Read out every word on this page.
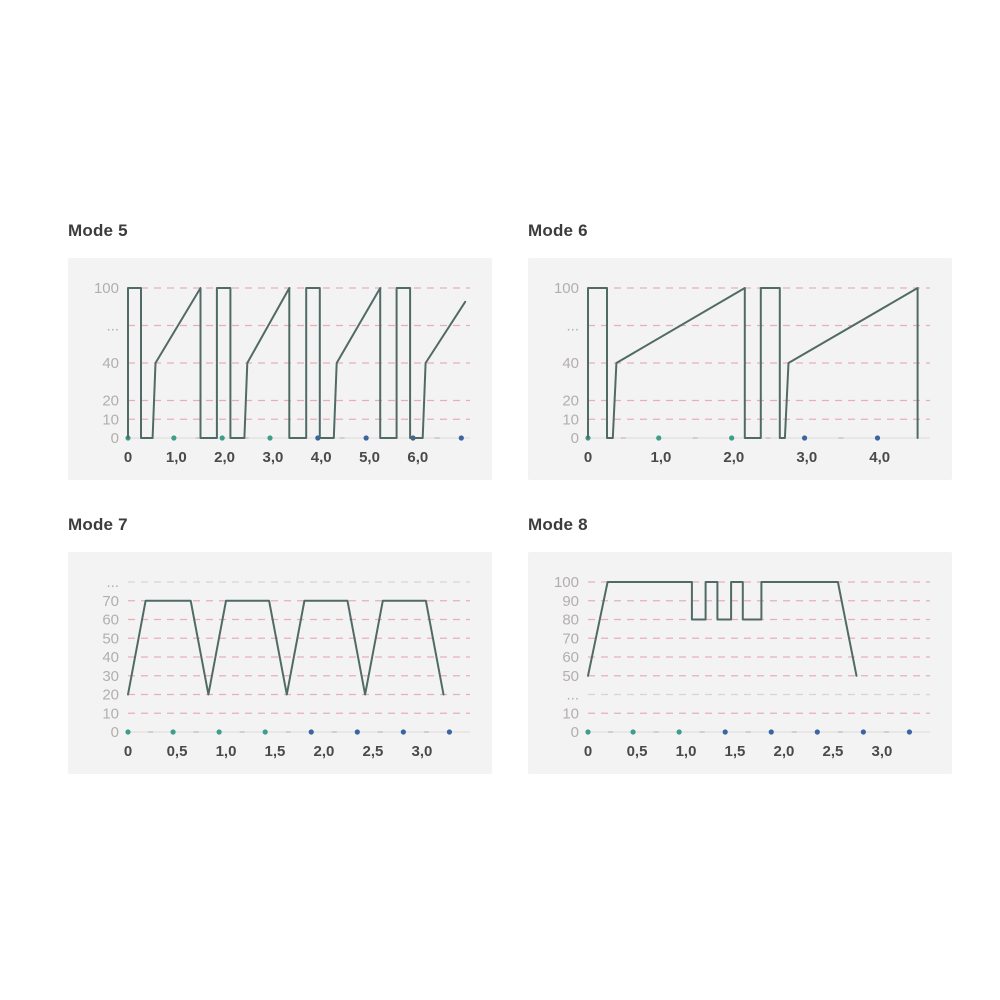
Mode 5
100
...
40
20
10
0
0 1,0 2,0 3,0 4,0 5,0 6,0
Mode 6
100
...
40
20
10
0
0	1,0	2,0	3,0	4,0
Mode 7
...
70
60
50
40
30
20
10
0
0 0,5 1,0 1,5 2,0 2,5 3,0
Mode 8
100
90
80
70
60
50
...
10
0
0 0,5 1,0 1,5 2,0 2,5 3,0
